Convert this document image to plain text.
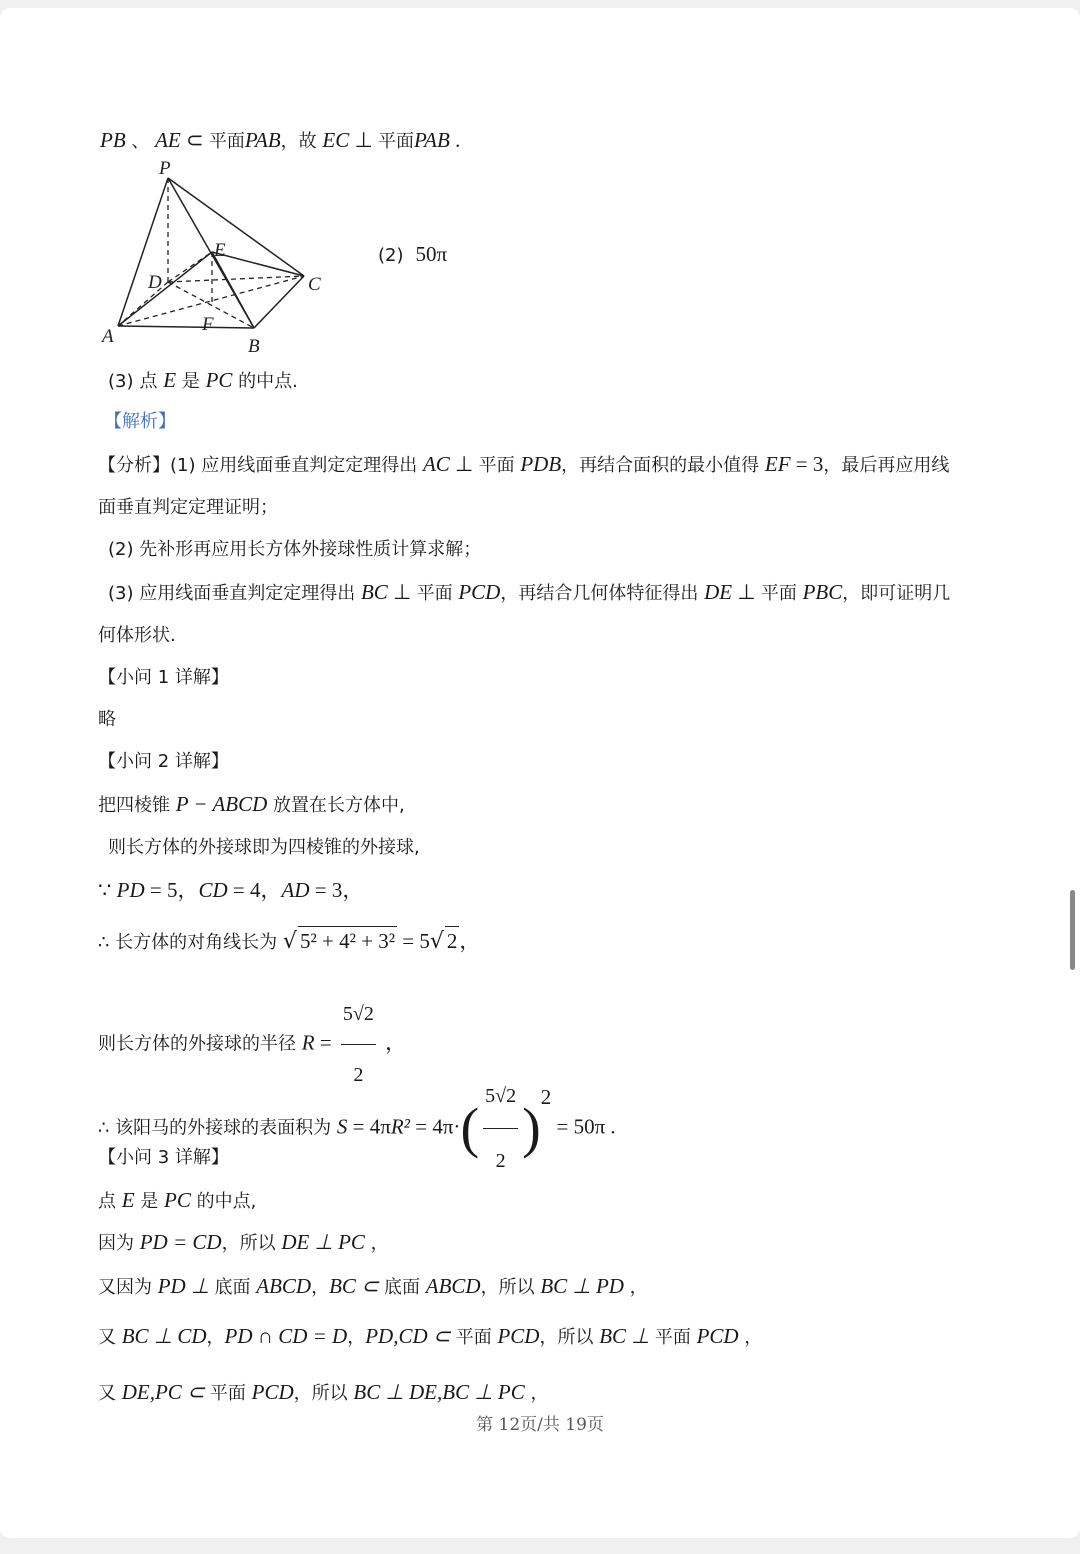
PB 、 AE ⊂ 平面PAB，故 EC ⊥ 平面PAB .
P
E
D	C
F
A	B
(2) 50π
(3) 点 E 是 PC 的中点.
【解析】
【分析】(1) 应用线面垂直判定定理得出 AC ⊥ 平面 PDB，再结合面积的最小值得 EF = 3，最后再应用线
面垂直判定定理证明；
(2) 先补形再应用长方体外接球性质计算求解；
(3) 应用线面垂直判定定理得出 BC ⊥ 平面 PCD，再结合几何体特征得出 DE ⊥ 平面 PBC，即可证明几
何体形状.
【小问 1 详解】
略
【小问 2 详解】
把四棱锥 P − ABCD 放置在长方体中,
则长方体的外接球即为四棱锥的外接球,
∵ PD = 5，CD = 4，AD = 3，
∴ 长方体的对角线长为 √ 5² + 4² + 3² = 5√ 2，
则长方体的外接球的半径 $R = \frac{5√2}{2}$ ，
∴ 该阳马的外接球的表面积为 $S = 4\pi R^2 = 4\pi\cdot( \frac{5√2}{2} )^2 = 50\pi$ .
【小问 3 详解】
点 E 是 PC 的中点,
因为 PD = CD，所以 DE ⊥ PC ，
又因为 PD ⊥ 底面 ABCD，BC ⊂ 底面 ABCD，所以 BC ⊥ PD ，
又 BC ⊥ CD，PD ∩ CD = D，PD,CD ⊂ 平面 PCD，所以 BC ⊥ 平面 PCD ，
又 DE,PC ⊂ 平面 PCD，所以 BC ⊥ DE,BC ⊥ PC ，
第 12页/共 19页
